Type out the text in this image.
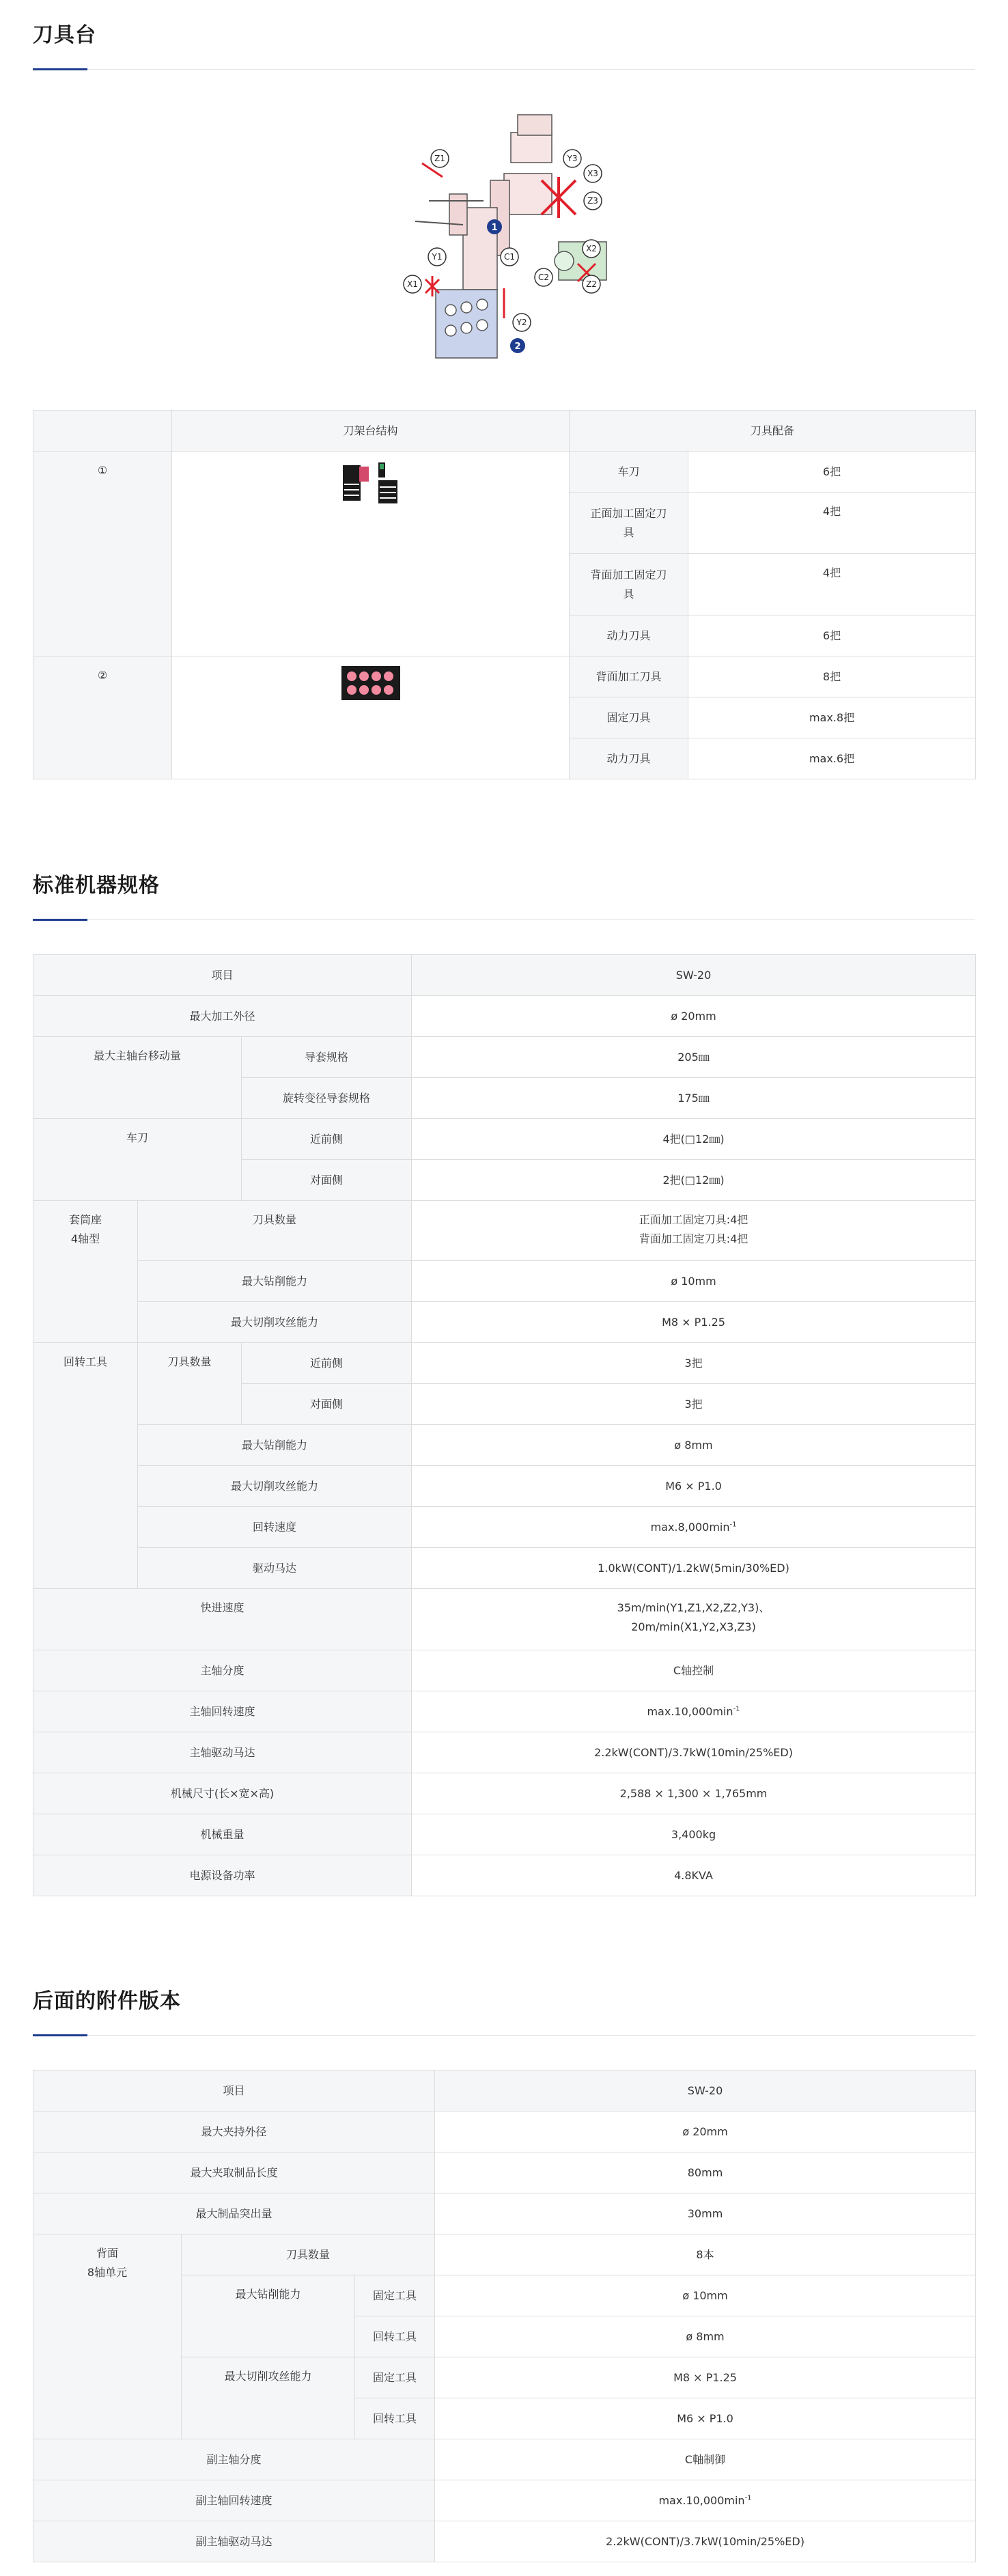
刀具台
Z1	Y3
X3
Z3
Y1	C1
X1
C2
X2
Z2
Y2
1
2
	刀架台结构	刀具配备	
①		车刀	6把
		正面加工固定刀具	4把
		背面加工固定刀具	4把
		动力刀具	6把
②		背面加工刀具	8把
		固定刀具	max.8把
		动力刀具	max.6把
标准机器规格
项目			SW-20
最大加工外径			ø 20mm
最大主轴台移动量		导套规格	205㎜
		旋转变径导套规格	175㎜
车刀		近前侧	4把(□12㎜)
		对面侧	2把(□12㎜)

套筒座
4轴型	刀具数量		正面加工固定刀具:4把
背面加工固定刀具:4把

	最大钻削能力		ø 10mm
	最大切削攻丝能力		M8 × P1.25
回转工具	刀具数量	近前侧	3把
		对面侧	3把
	最大钻削能力		ø 8mm
	最大切削攻丝能力		M6 × P1.0
	回转速度		$\max.8,000\min^{-1}$
	驱动马达		1.0kW(CONT)/1.2kW(5min/30%ED)
快进速度			35m/min(Y1,Z1,X2,Z2,Y3)、
20m/min(X1,Y2,X3,Z3)

主轴分度			C轴控制
主轴回转速度			$\max.10,000\min^{-1}$
主轴驱动马达			2.2kW(CONT)/3.7kW(10min/25%ED)
机械尺寸(长×宽×高)			2,588 × 1,300 × 1,765mm
机械重量			3,400kg
电源设备功率			4.8KVA
后面的附件版本
项目			SW-20
最大夹持外径			ø 20mm
最大夹取制品长度			80mm
最大制品突出量			30mm

背面
8轴单元	刀具数量		8本
	最大钻削能力	固定工具	ø 10mm
		回转工具	ø 8mm
	最大切削攻丝能力	固定工具	M8 × P1.25
		回转工具	M6 × P1.0
副主轴分度			C軸制御
副主轴回转速度			$\max.10,000\min^{-1}$
副主轴驱动马达			2.2kW(CONT)/3.7kW(10min/25%ED)
